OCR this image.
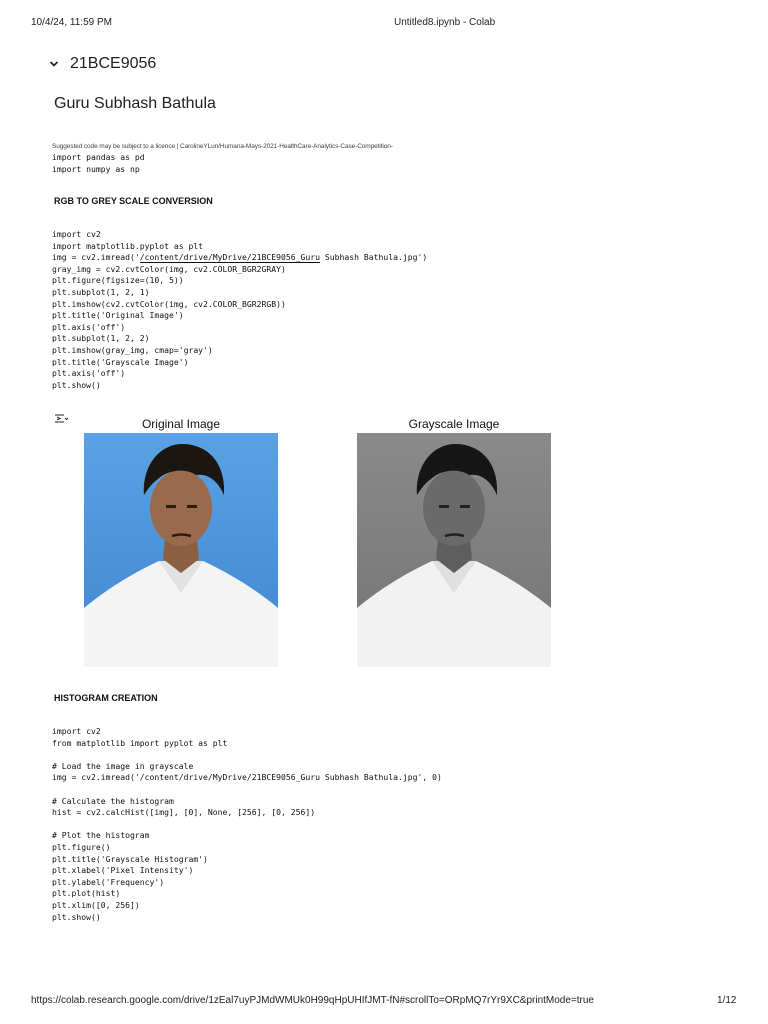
10/4/24, 11:59 PM	Untitled8.ipynb - Colab
21BCE9056
Guru Subhash Bathula
Suggested code may be subject to a licence | CarolineYLun/Humana-Mays-2021-HealthCare-Analytics-Case-Competition-
import pandas as pd
import numpy as np
RGB TO GREY SCALE CONVERSION
import cv2
import matplotlib.pyplot as plt
img = cv2.imread('/content/drive/MyDrive/21BCE9056_Guru Subhash Bathula.jpg')
gray_img = cv2.cvtColor(img, cv2.COLOR_BGR2GRAY)
plt.figure(figsize=(10, 5))
plt.subplot(1, 2, 1)
plt.imshow(cv2.cvtColor(img, cv2.COLOR_BGR2RGB))
plt.title('Original Image')
plt.axis('off')
plt.subplot(1, 2, 2)
plt.imshow(gray_img, cmap='gray')
plt.title('Grayscale Image')
plt.axis('off')
plt.show()
Original Image	Grayscale Image
HISTOGRAM CREATION
import cv2
from matplotlib import pyplot as plt

# Load the image in grayscale
img = cv2.imread('/content/drive/MyDrive/21BCE9056_Guru Subhash Bathula.jpg', 0)

# Calculate the histogram
hist = cv2.calcHist([img], [0], None, [256], [0, 256])

# Plot the histogram
plt.figure()
plt.title('Grayscale Histogram')
plt.xlabel('Pixel Intensity')
plt.ylabel('Frequency')
plt.plot(hist)
plt.xlim([0, 256])
plt.show()
https://colab.research.google.com/drive/1zEal7uyPJMdWMUk0H99qHpUHIfJMT-fN#scrollTo=ORpMQ7rYr9XC&printMode=true	1/12
